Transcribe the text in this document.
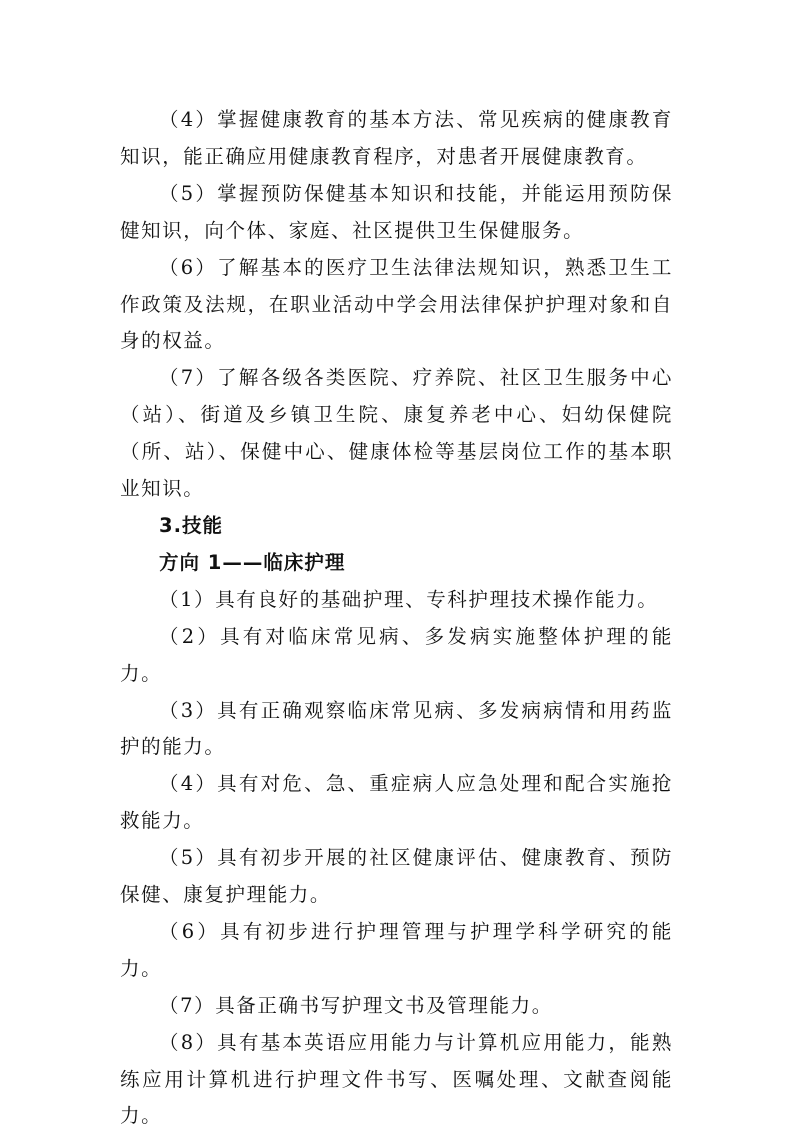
（4）掌握健康教育的基本方法、常见疾病的健康教育知识，能正确应用健康教育程序，对患者开展健康教育。

（5）掌握预防保健基本知识和技能，并能运用预防保健知识，向个体、家庭、社区提供卫生保健服务。

（6）了解基本的医疗卫生法律法规知识，熟悉卫生工作政策及法规，在职业活动中学会用法律保护护理对象和自身的权益。

（7）了解各级各类医院、疗养院、社区卫生服务中心（站）、街道及乡镇卫生院、康复养老中心、妇幼保健院（所、站）、保健中心、健康体检等基层岗位工作的基本职业知识。

3.技能

方向 1——临床护理

（1）具有良好的基础护理、专科护理技术操作能力。

（2）具有对临床常见病、多发病实施整体护理的能力。

（3）具有正确观察临床常见病、多发病病情和用药监护的能力。

（4）具有对危、急、重症病人应急处理和配合实施抢救能力。

（5）具有初步开展的社区健康评估、健康教育、预防保健、康复护理能力。

（6）具有初步进行护理管理与护理学科学研究的能力。

（7）具备正确书写护理文书及管理能力。

（8）具有基本英语应用能力与计算机应用能力，能熟练应用计算机进行护理文件书写、医嘱处理、文献查阅能力。
